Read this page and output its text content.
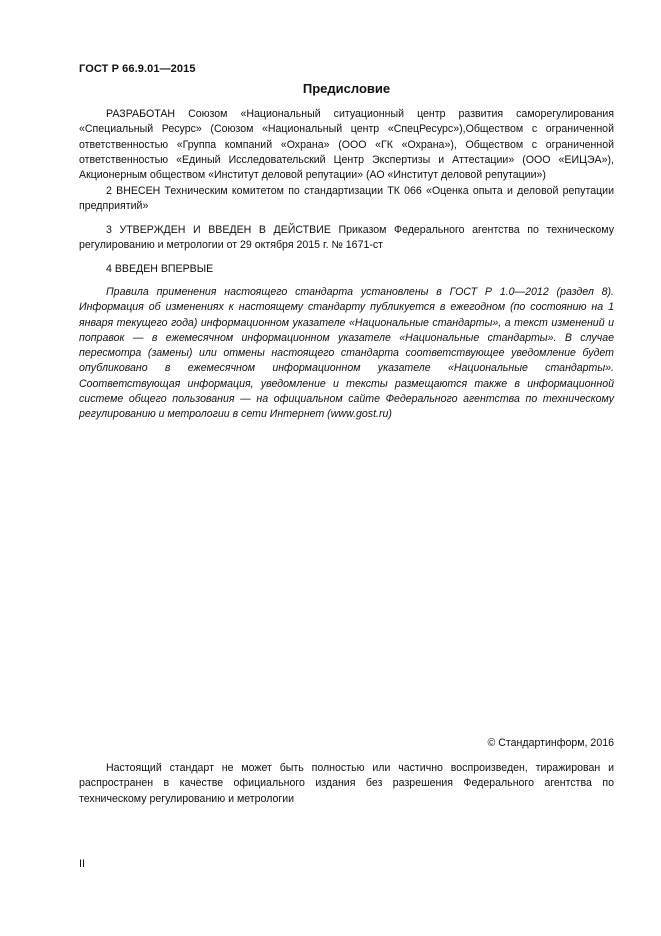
ГОСТ Р 66.9.01—2015
Предисловие

РАЗРАБОТАН Союзом «Национальный ситуационный центр развития саморегулирования «Специальный Ресурс» (Союзом «Национальный центр «СпецРесурс»),Обществом с ограниченной ответственностью «Группа компаний «Охрана» (ООО «ГК «Охрана»), Обществом с ограниченной ответственностью «Единый Исследовательский Центр Экспертизы и Аттестации» (ООО «ЕИЦЭА»), Акционерным обществом «Институт деловой репутации» (АО «Институт деловой репутации»)

2 ВНЕСЕН Техническим комитетом по стандартизации ТК 066 «Оценка опыта и деловой репутации предприятий»

3 УТВЕРЖДЕН И ВВЕДЕН В ДЕЙСТВИЕ Приказом Федерального агентства по техническому регулированию и метрологии от 29 октября 2015 г. № 1671-ст

4 ВВЕДЕН ВПЕРВЫЕ

Правила применения настоящего стандарта установлены в ГОСТ Р 1.0—2012 (раздел 8). Информация об изменениях к настоящему стандарту публикуется в ежегодном (по состоянию на 1 января текущего года) информационном указателе «Национальные стандарты», а текст изменений и поправок — в ежемесячном информационном указателе «Национальные стандарты». В случае пересмотра (замены) или отмены настоящего стандарта соответствующее уведомление будет опубликовано в ежемесячном информационном указателе «Национальные стандарты». Соответствующая информация, уведомление и тексты размещаются также в информационной системе общего пользования — на официальном сайте Федерального агентства по техническому регулированию и метрологии в сети Интернет (www.gost.ru)

© Стандартинформ, 2016

Настоящий стандарт не может быть полностью или частично воспроизведен, тиражирован и распространен в качестве официального издания без разрешения Федерального агентства по техническому регулированию и метрологии

II
